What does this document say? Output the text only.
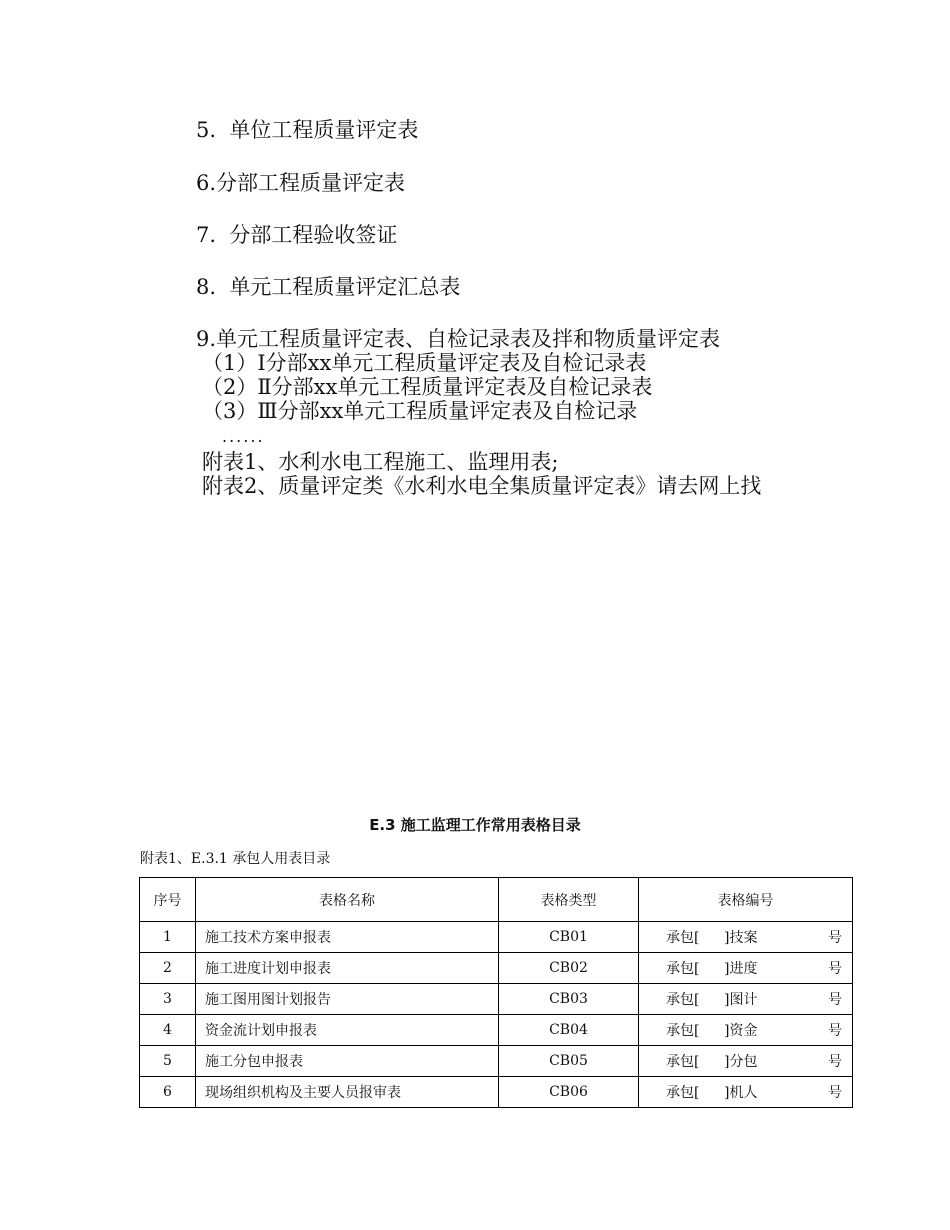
5.  单位工程质量评定表
6.分部工程质量评定表
7.  分部工程验收签证
8.  单元工程质量评定汇总表
9.单元工程质量评定表、自检记录表及拌和物质量评定表
（1）Ⅰ分部xx单元工程质量评定表及自检记录表
（2）Ⅱ分部xx单元工程质量评定表及自检记录表
（3）Ⅲ分部xx单元工程质量评定表及自检记录
......
附表1、水利水电工程施工、监理用表;
附表2、质量评定类《水利水电全集质量评定表》请去网上找
E.3 施工监理工作常用表格目录
附表1、E.3.1 承包人用表目录
序号	表格名称	表格类型	表格编号
1	施工技术方案申报表	CB01	承包[ ]技案 号

2	施工进度计划申报表	CB02	承包[ ]进度 号

3	施工图用图计划报告	CB03	承包[ ]图计 号

4	资金流计划申报表	CB04	承包[ ]资金 号

5	施工分包申报表	CB05	承包[ ]分包 号

6	现场组织机构及主要人员报审表	CB06	承包[ ]机人 号
